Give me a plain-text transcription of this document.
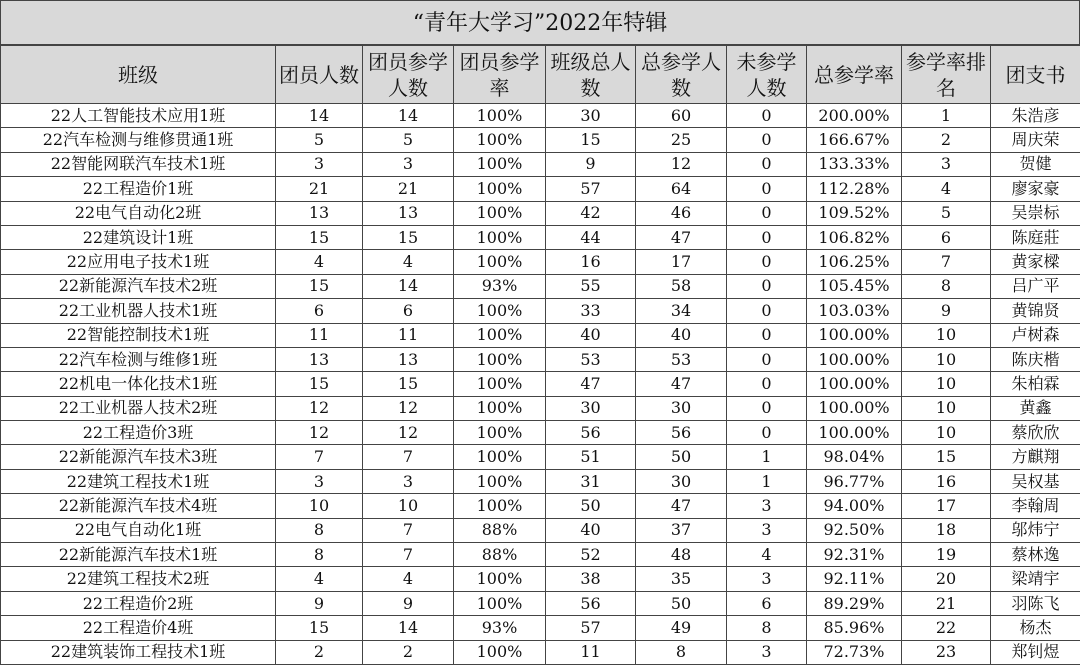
“青年大学习”2022年特辑
班级	团员人数	团员参学人数	团员参学率	班级总人数	总参学人数	未参学人数	总参学率	参学率排名	团支书
22人工智能技术应用1班	14	14	100%	30	60	0	200.00%	1	朱浩彦
22汽车检测与维修贯通1班	5	5	100%	15	25	0	166.67%	2	周庆荣
22智能网联汽车技术1班	3	3	100%	9	12	0	133.33%	3	贺健
22工程造价1班	21	21	100%	57	64	0	112.28%	4	廖家豪
22电气自动化2班	13	13	100%	42	46	0	109.52%	5	吴崇标
22建筑设计1班	15	15	100%	44	47	0	106.82%	6	陈庭莊
22应用电子技术1班	4	4	100%	16	17	0	106.25%	7	黄家樑
22新能源汽车技术2班	15	14	93%	55	58	0	105.45%	8	吕广平
22工业机器人技术1班	6	6	100%	33	34	0	103.03%	9	黄锦贤
22智能控制技术1班	11	11	100%	40	40	0	100.00%	10	卢树森
22汽车检测与维修1班	13	13	100%	53	53	0	100.00%	10	陈庆楷
22机电一体化技术1班	15	15	100%	47	47	0	100.00%	10	朱柏霖
22工业机器人技术2班	12	12	100%	30	30	0	100.00%	10	黄鑫
22工程造价3班	12	12	100%	56	56	0	100.00%	10	蔡欣欣
22新能源汽车技术3班	7	7	100%	51	50	1	98.04%	15	方麒翔
22建筑工程技术1班	3	3	100%	31	30	1	96.77%	16	吴权基
22新能源汽车技术4班	10	10	100%	50	47	3	94.00%	17	李翰周
22电气自动化1班	8	7	88%	40	37	3	92.50%	18	邬炜宁
22新能源汽车技术1班	8	7	88%	52	48	4	92.31%	19	蔡林逸
22建筑工程技术2班	4	4	100%	38	35	3	92.11%	20	梁靖宇
22工程造价2班	9	9	100%	56	50	6	89.29%	21	羽陈飞
22工程造价4班	15	14	93%	57	49	8	85.96%	22	杨杰
22建筑装饰工程技术1班	2	2	100%	11	8	3	72.73%	23	郑钊煜
